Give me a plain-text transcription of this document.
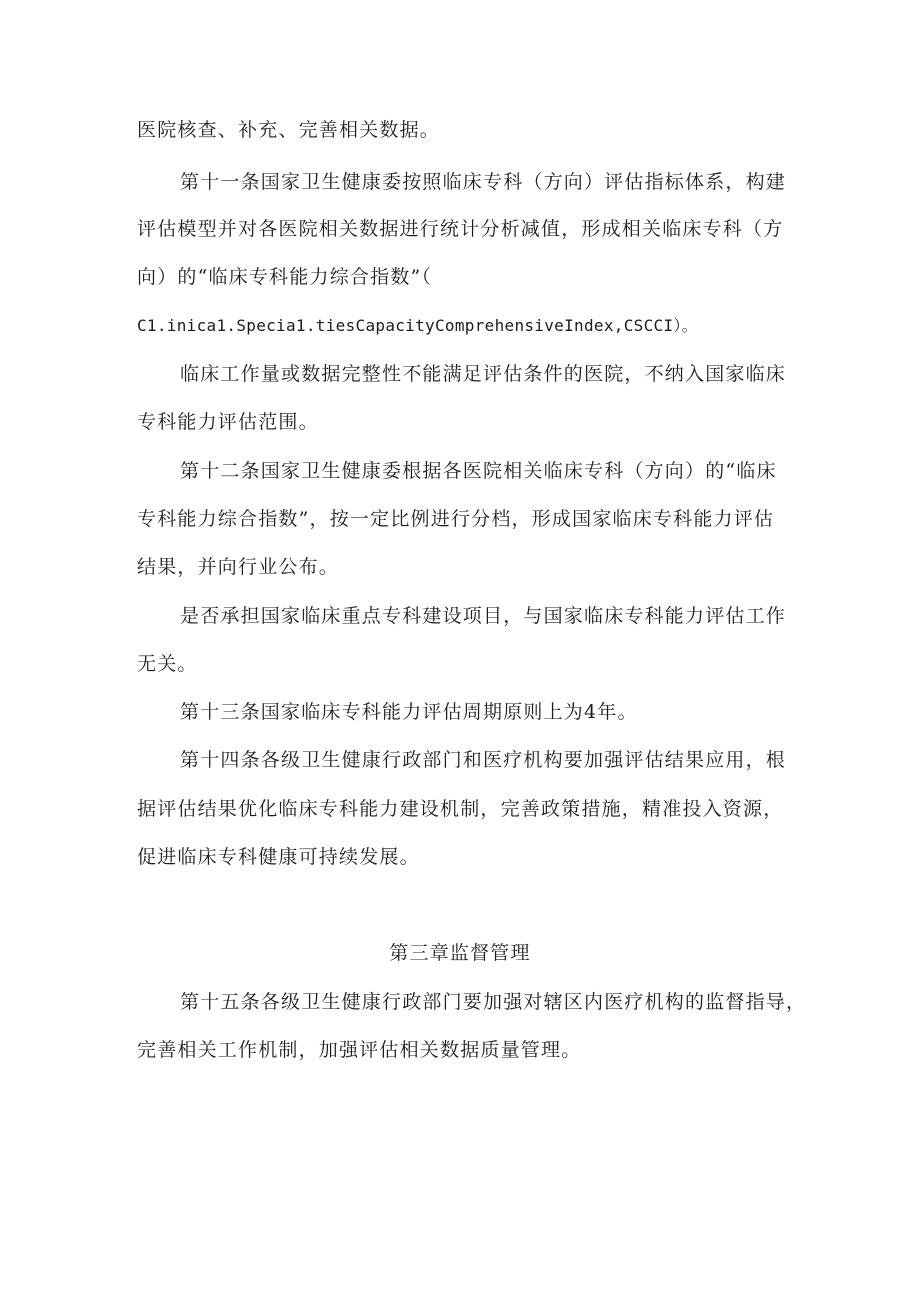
医院核查、补充、完善相关数据。
第十一条国家卫生健康委按照临床专科（方向）评估指标体系，构建
评估模型并对各医院相关数据进行统计分析减值，形成相关临床专科（方
向）的“临床专科能力综合指数”（
C1.inica1.Specia1.tiesCapacityComprehensiveIndex,CSCCI）。
临床工作量或数据完整性不能满足评估条件的医院，不纳入国家临床
专科能力评估范围。
第十二条国家卫生健康委根据各医院相关临床专科（方向）的“临床
专科能力综合指数”，按一定比例进行分档，形成国家临床专科能力评估
结果，并向行业公布。
是否承担国家临床重点专科建设项目，与国家临床专科能力评估工作
无关。
第十三条国家临床专科能力评估周期原则上为4年。
第十四条各级卫生健康行政部门和医疗机构要加强评估结果应用，根
据评估结果优化临床专科能力建设机制，完善政策措施，精准投入资源，
促进临床专科健康可持续发展。
第三章监督管理
第十五条各级卫生健康行政部门要加强对辖区内医疗机构的监督指导，
完善相关工作机制，加强评估相关数据质量管理。
